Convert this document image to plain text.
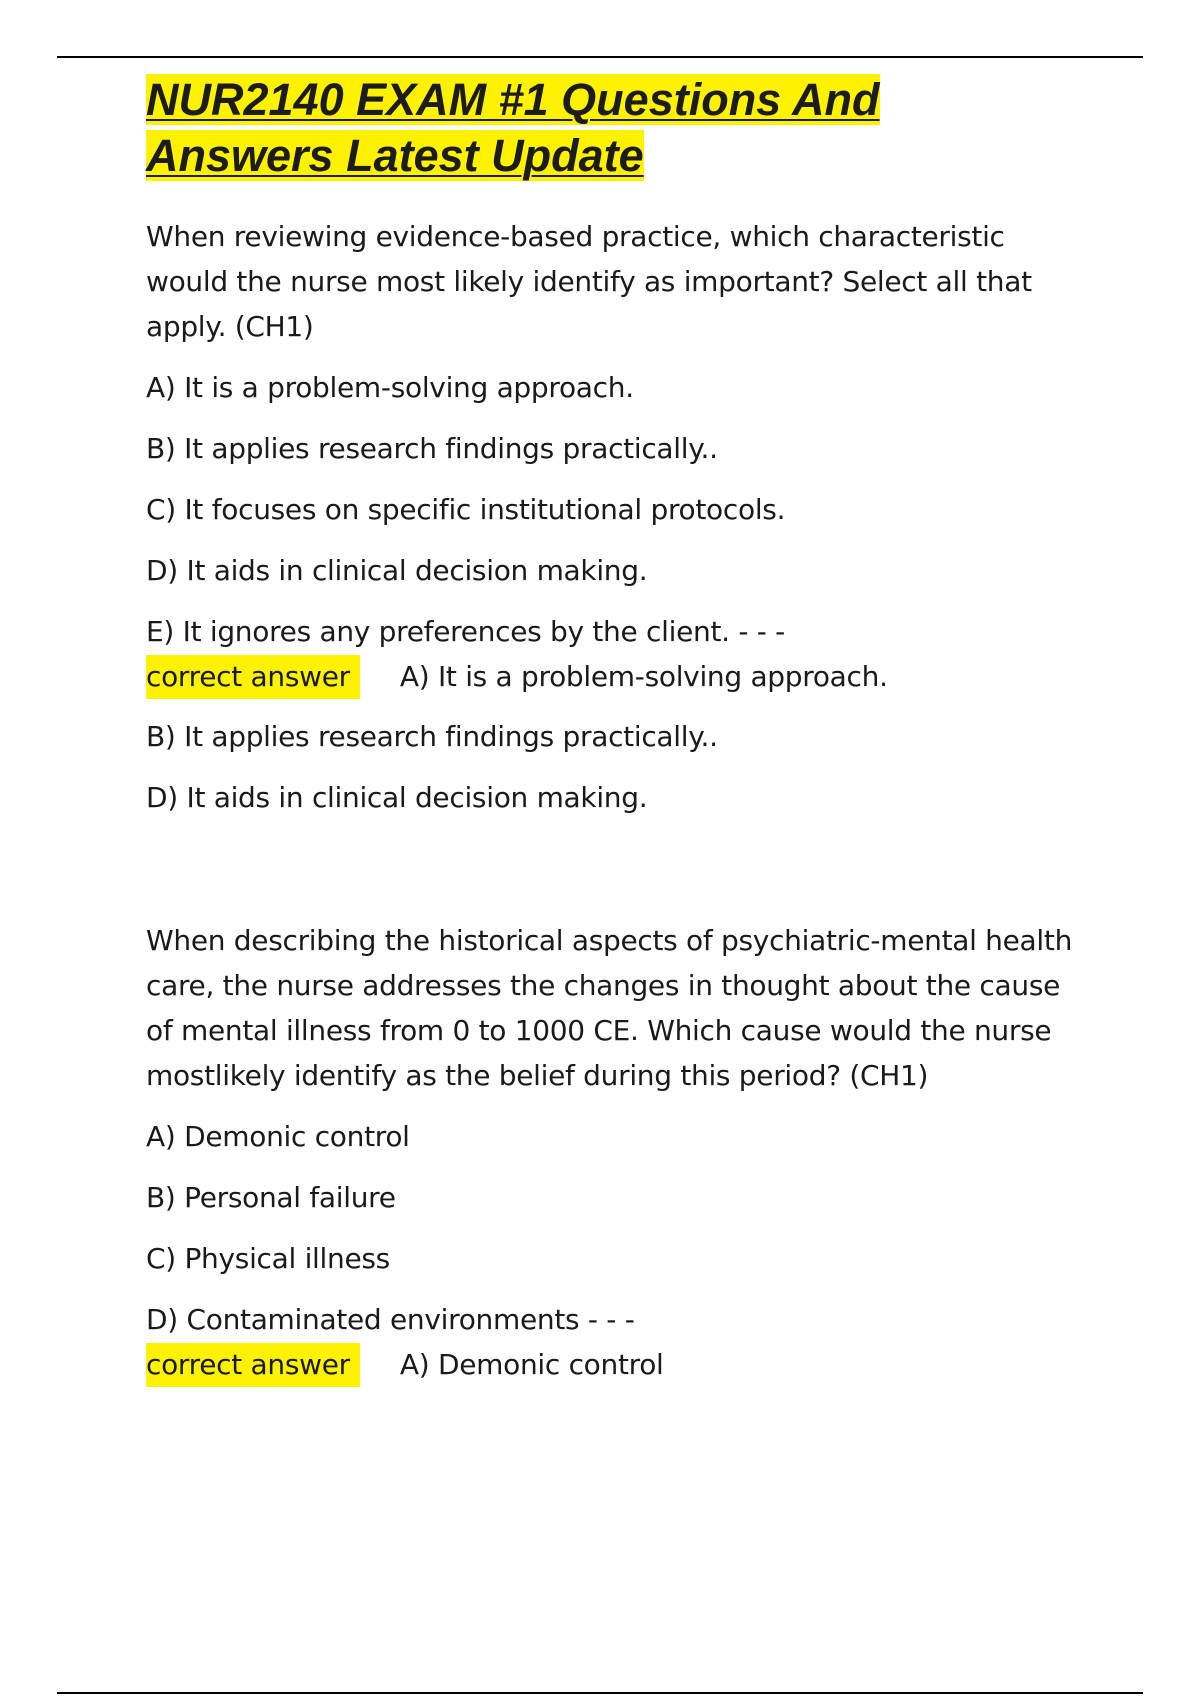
NUR2140 EXAM #1 Questions And
Answers Latest Update

When reviewing evidence-based practice, which characteristic
would the nurse most likely identify as important? Select all that
apply. (CH1)

A) It is a problem-solving approach.

B) It applies research findings practically..

C) It focuses on specific institutional protocols.

D) It aids in clinical decision making.

E) It ignores any preferences by the client. - - -

correct answer	A) It is a problem-solving approach.

B) It applies research findings practically..

D) It aids in clinical decision making.

When describing the historical aspects of psychiatric-mental health
care, the nurse addresses the changes in thought about the cause
of mental illness from 0 to 1000 CE. Which cause would the nurse
mostlikely identify as the belief during this period? (CH1)

A) Demonic control

B) Personal failure

C) Physical illness

D) Contaminated environments - - -

correct answer	A) Demonic control
